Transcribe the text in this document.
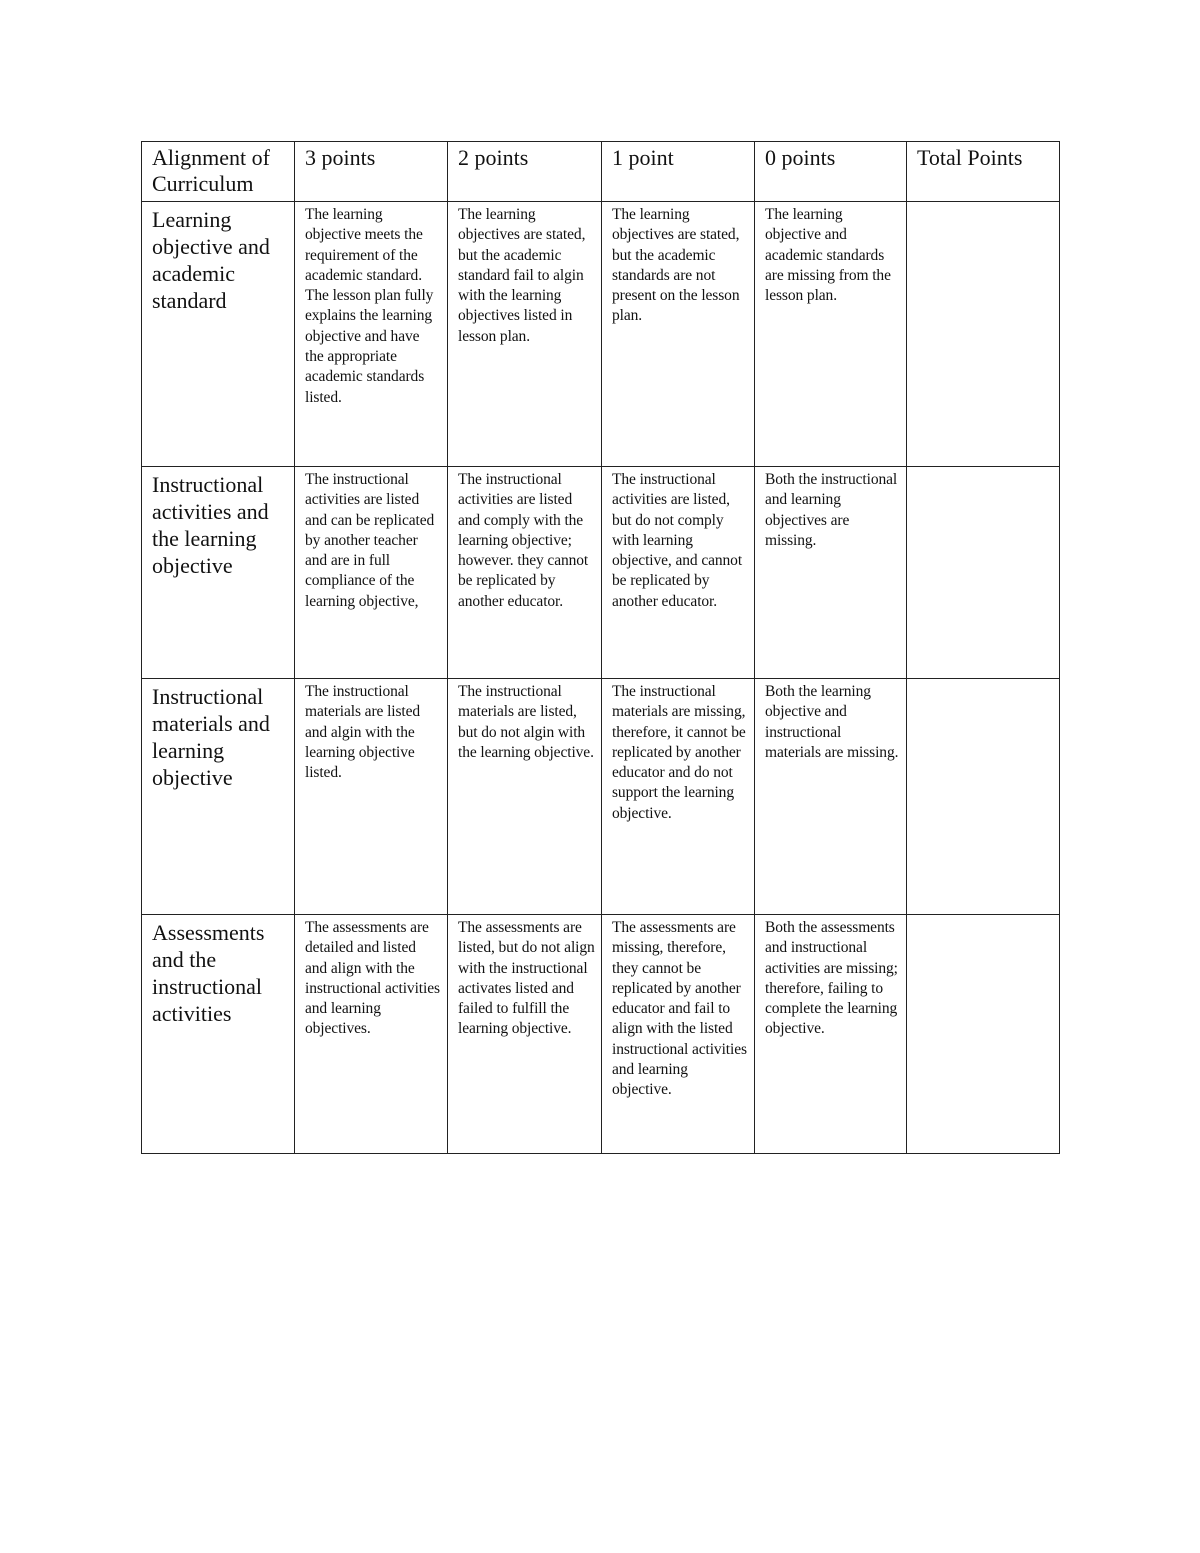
Alignment of Curriculum	3 points	2 points	1 point	0 points	Total Points

Learning objective and academic standard	The learning objective meets the requirement of the academic standard. The lesson plan fully explains the learning objective and have the appropriate academic standards listed.	The learning objectives are stated, but the academic standard fail to algin with the learning objectives listed in lesson plan.	The learning objectives are stated, but the academic standards are not present on the lesson plan.	The learning objective and academic standards are missing from the lesson plan.	

Instructional activities and the learning objective	The instructional activities are listed and can be replicated by another teacher and are in full compliance of the learning objective,	The instructional activities are listed and comply with the learning objective; however. they cannot be replicated by another educator.	The instructional activities are listed, but do not comply with learning objective, and cannot be replicated by another educator.	Both the instructional and learning objectives are missing.	

Instructional materials and learning objective	The instructional materials are listed and algin with the learning objective listed.	The instructional materials are listed, but do not algin with the learning objective.	The instructional materials are missing, therefore, it cannot be replicated by another educator and do not support the learning objective.	Both the learning objective and instructional materials are missing.	

Assessments and the instructional activities	The assessments are detailed and listed and align with the instructional activities and learning objectives.	The assessments are listed, but do not align with the instructional activates listed and failed to fulfill the learning objective.	The assessments are missing, therefore, they cannot be replicated by another educator and fail to align with the listed instructional activities and learning objective.	Both the assessments and instructional activities are missing; therefore, failing to complete the learning objective.	
